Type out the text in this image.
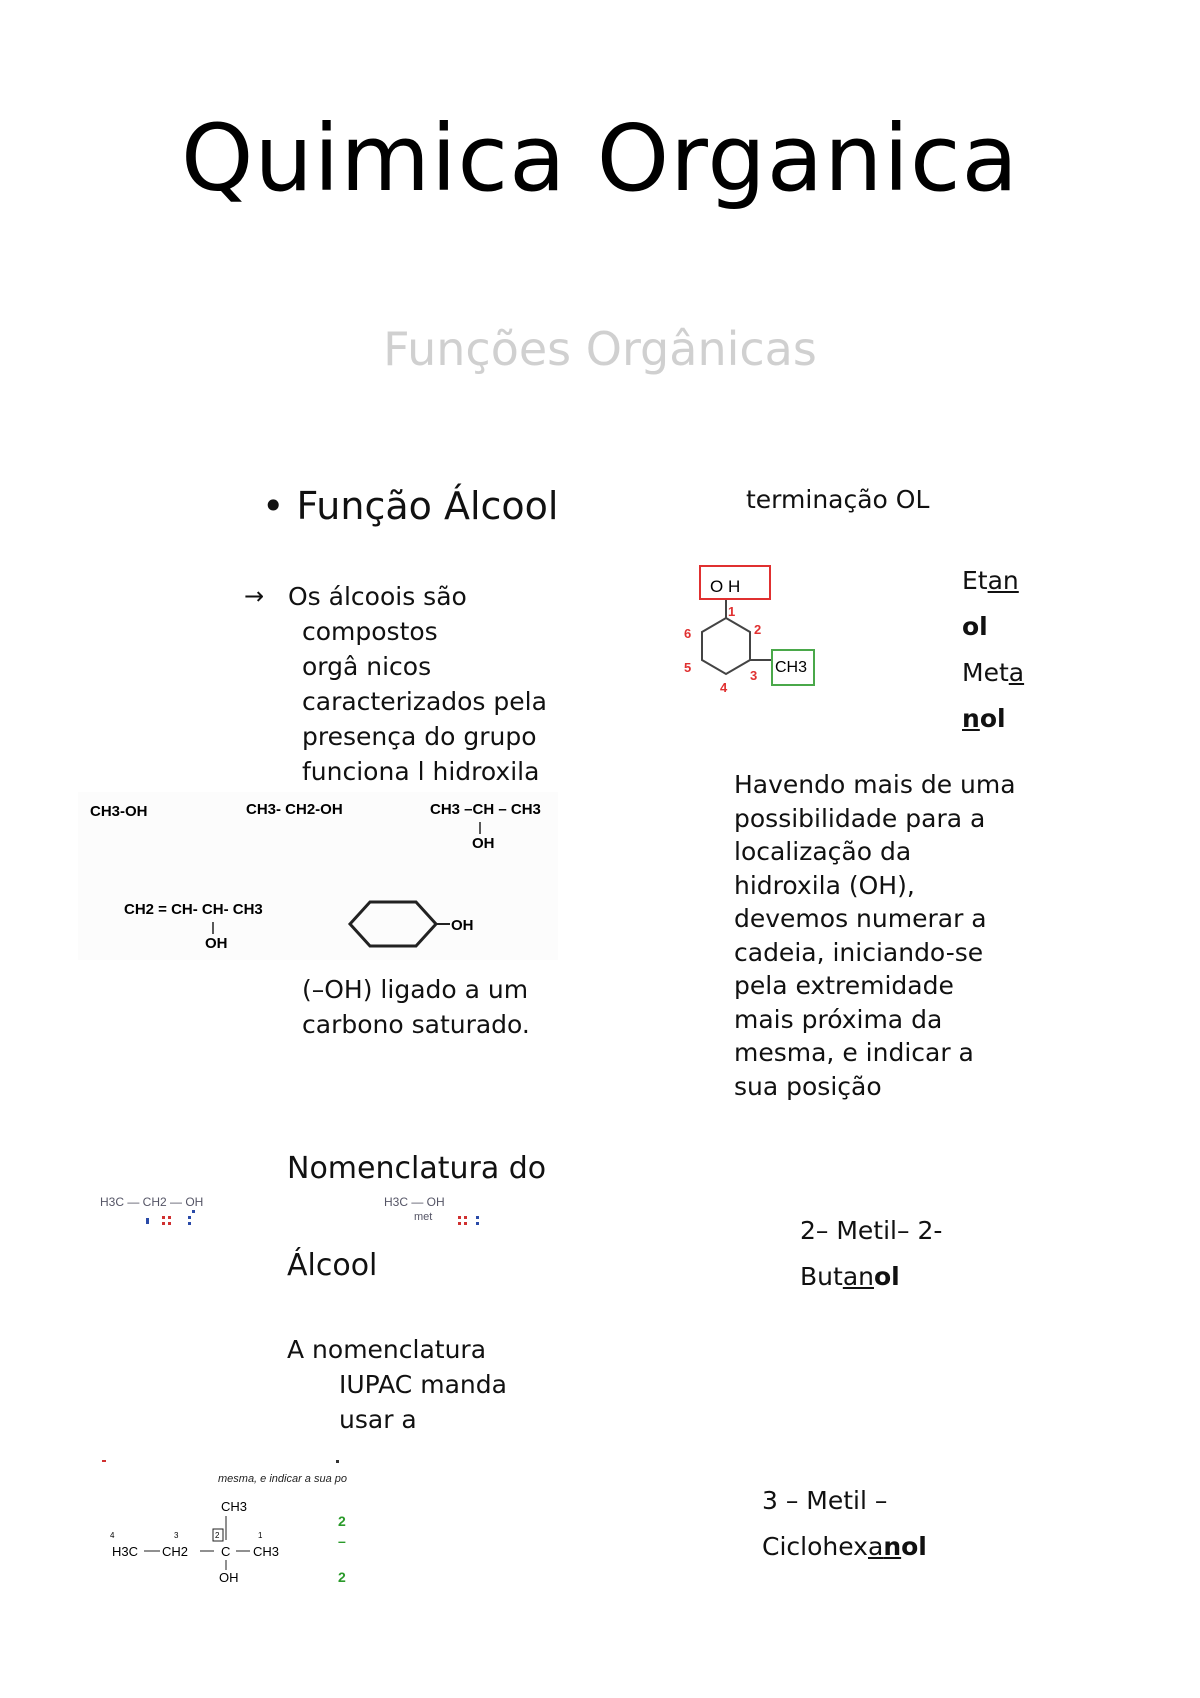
Quimica Organica
Funções Orgânicas
• Função Álcool
→ Os álcoois são
compostos
orgâ nicos
caracterizados pela
presença do grupo
funciona l hidroxila
CH3-OH	CH3- CH2-OH	CH3 –CH – CH3
OH
CH2 = CH- CH- CH3
OH
OH
(–OH) ligado a um
carbono saturado.
Nomenclatura do
Álcool
H3C — CH2 — OH	H3C — OH
met
A nomenclatura
IUPAC manda
usar a
mesma, e indicar a sua po
CH3
4	3	2	1
H3C CH2	C CH3
OH
2
–
2
terminação OL
O H
CH3
1
2
3
4
5
6
Etan
ol
Meta
nol
Havendo mais de uma
possibilidade para a
localização da
hidroxila (OH),
devemos numerar a
cadeia, iniciando-se
pela extremidade
mais próxima da
mesma, e indicar a
sua posição
2– Metil– 2-
Butanol
3 – Metil –
Ciclohexanol
